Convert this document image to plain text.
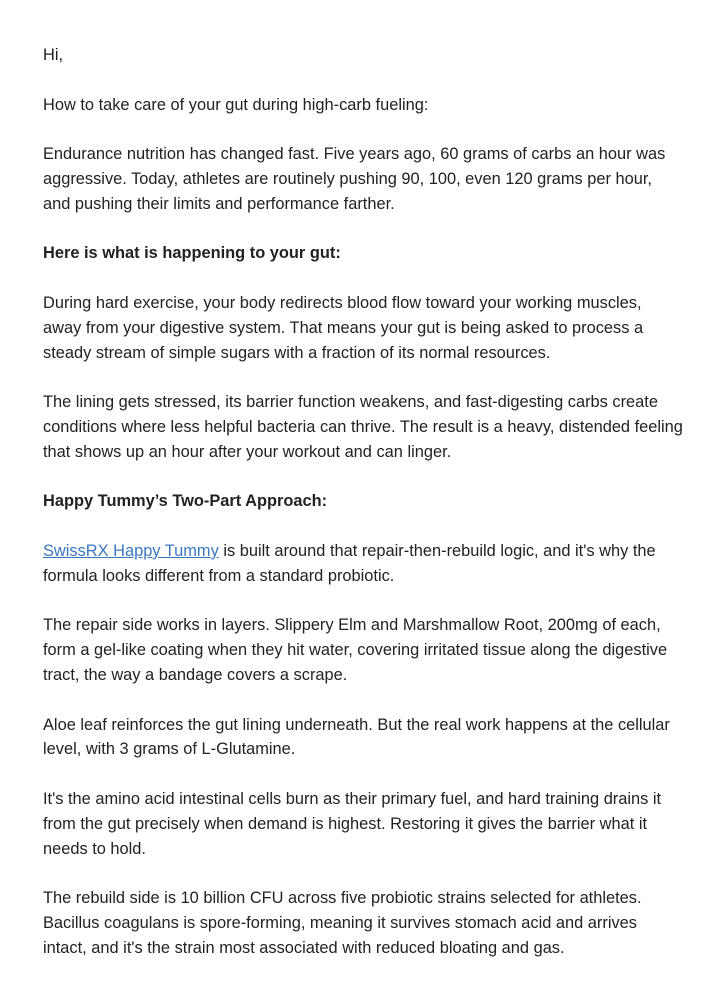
Hi,

How to take care of your gut during high-carb fueling:

Endurance nutrition has changed fast. Five years ago, 60 grams of carbs an hour was aggressive. Today, athletes are routinely pushing 90, 100, even 120 grams per hour, and pushing their limits and performance farther.

Here is what is happening to your gut:

During hard exercise, your body redirects blood flow toward your working muscles, away from your digestive system. That means your gut is being asked to process a steady stream of simple sugars with a fraction of its normal resources.

The lining gets stressed, its barrier function weakens, and fast-digesting carbs create conditions where less helpful bacteria can thrive. The result is a heavy, distended feeling that shows up an hour after your workout and can linger.

Happy Tummy’s Two-Part Approach:

SwissRX Happy Tummy is built around that repair-then-rebuild logic, and it's why the formula looks different from a standard probiotic.

The repair side works in layers. Slippery Elm and Marshmallow Root, 200mg of each, form a gel-like coating when they hit water, covering irritated tissue along the digestive tract, the way a bandage covers a scrape.

Aloe leaf reinforces the gut lining underneath. But the real work happens at the cellular level, with 3 grams of L-Glutamine.

It's the amino acid intestinal cells burn as their primary fuel, and hard training drains it from the gut precisely when demand is highest. Restoring it gives the barrier what it needs to hold.

The rebuild side is 10 billion CFU across five probiotic strains selected for athletes. Bacillus coagulans is spore-forming, meaning it survives stomach acid and arrives intact, and it's the strain most associated with reduced bloating and gas.
